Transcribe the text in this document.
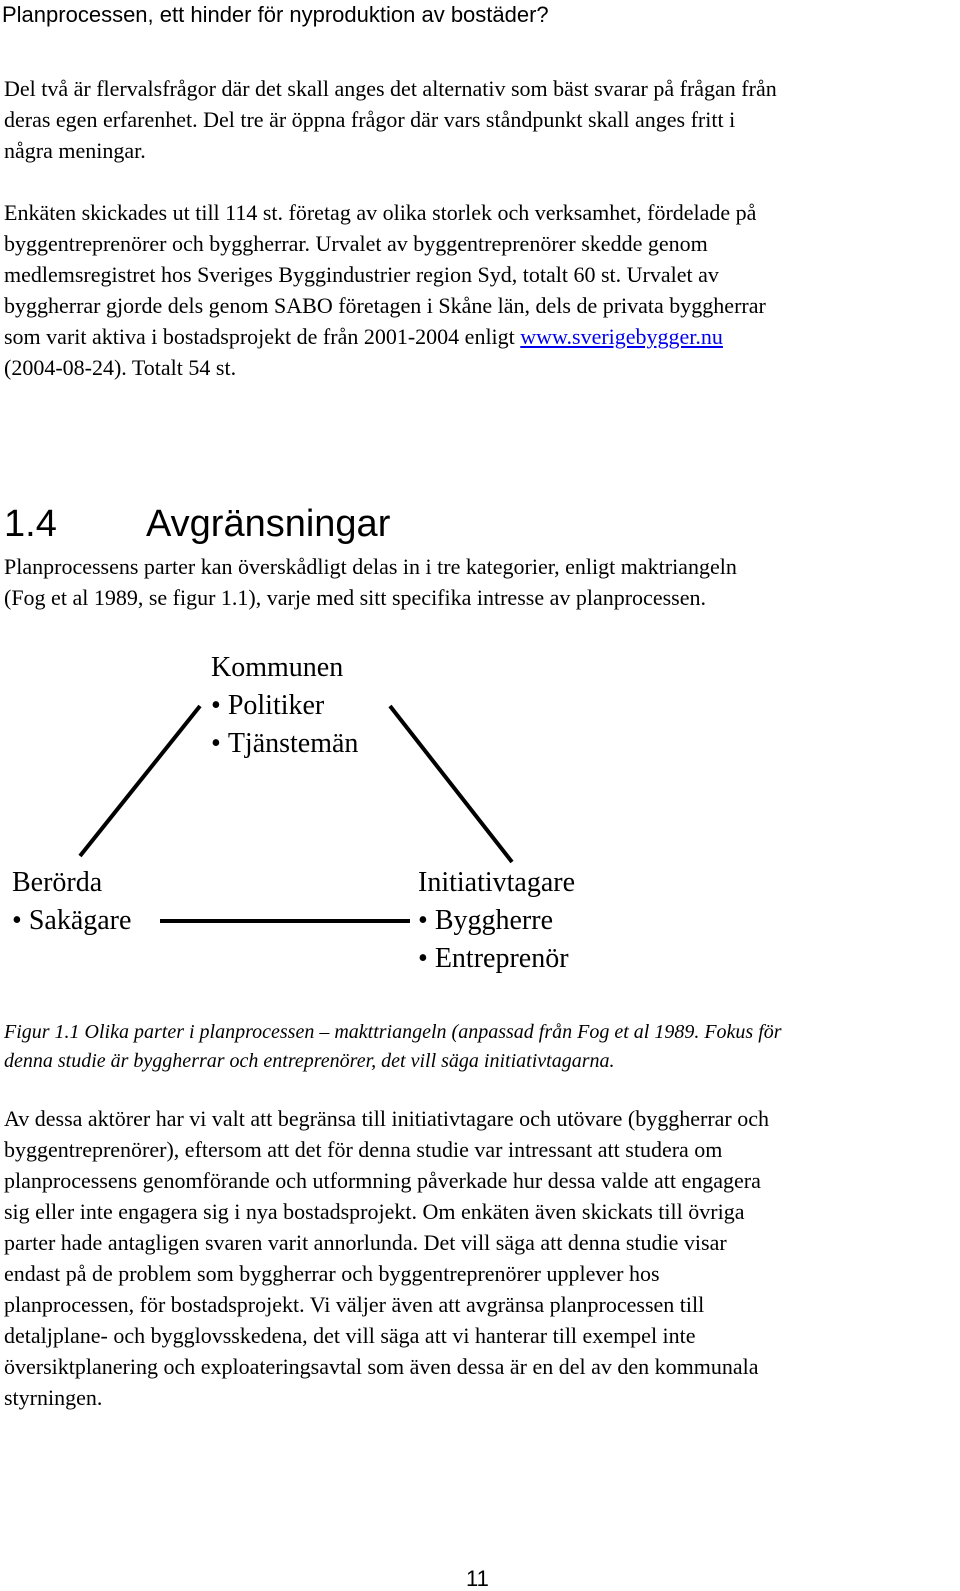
Planprocessen, ett hinder för nyproduktion av bostäder?
Del två är flervalsfrågor där det skall anges det alternativ som bäst svarar på frågan från
deras egen erfarenhet. Del tre är öppna frågor där vars ståndpunkt skall anges fritt i
några meningar.
Enkäten skickades ut till 114 st. företag av olika storlek och verksamhet, fördelade på
byggentreprenörer och byggherrar. Urvalet av byggentreprenörer skedde genom
medlemsregistret hos Sveriges Byggindustrier region Syd, totalt 60 st. Urvalet av
byggherrar gjorde dels genom SABO företagen i Skåne län, dels de privata byggherrar
som varit aktiva i bostadsprojekt de från 2001-2004 enligt www.sverigebygger.nu
(2004-08-24). Totalt 54 st.
1.4 Avgränsningar
Planprocessens parter kan överskådligt delas in i tre kategorier, enligt maktriangeln
(Fog et al 1989, se figur 1.1), varje med sitt specifika intresse av planprocessen.
Kommunen
• Politiker
• Tjänstemän
Berörda
• Sakägare
Initiativtagare
• Byggherre
• Entreprenör
Figur 1.1 Olika parter i planprocessen – makttriangeln (anpassad från Fog et al 1989. Fokus för
denna studie är byggherrar och entreprenörer, det vill säga initiativtagarna.
Av dessa aktörer har vi valt att begränsa till initiativtagare och utövare (byggherrar och
byggentreprenörer), eftersom att det för denna studie var intressant att studera om
planprocessens genomförande och utformning påverkade hur dessa valde att engagera
sig eller inte engagera sig i nya bostadsprojekt. Om enkäten även skickats till övriga
parter hade antagligen svaren varit annorlunda. Det vill säga att denna studie visar
endast på de problem som byggherrar och byggentreprenörer upplever hos
planprocessen, för bostadsprojekt. Vi väljer även att avgränsa planprocessen till
detaljplane- och bygglovsskedena, det vill säga att vi hanterar till exempel inte
översiktplanering och exploateringsavtal som även dessa är en del av den kommunala
styrningen.
11
